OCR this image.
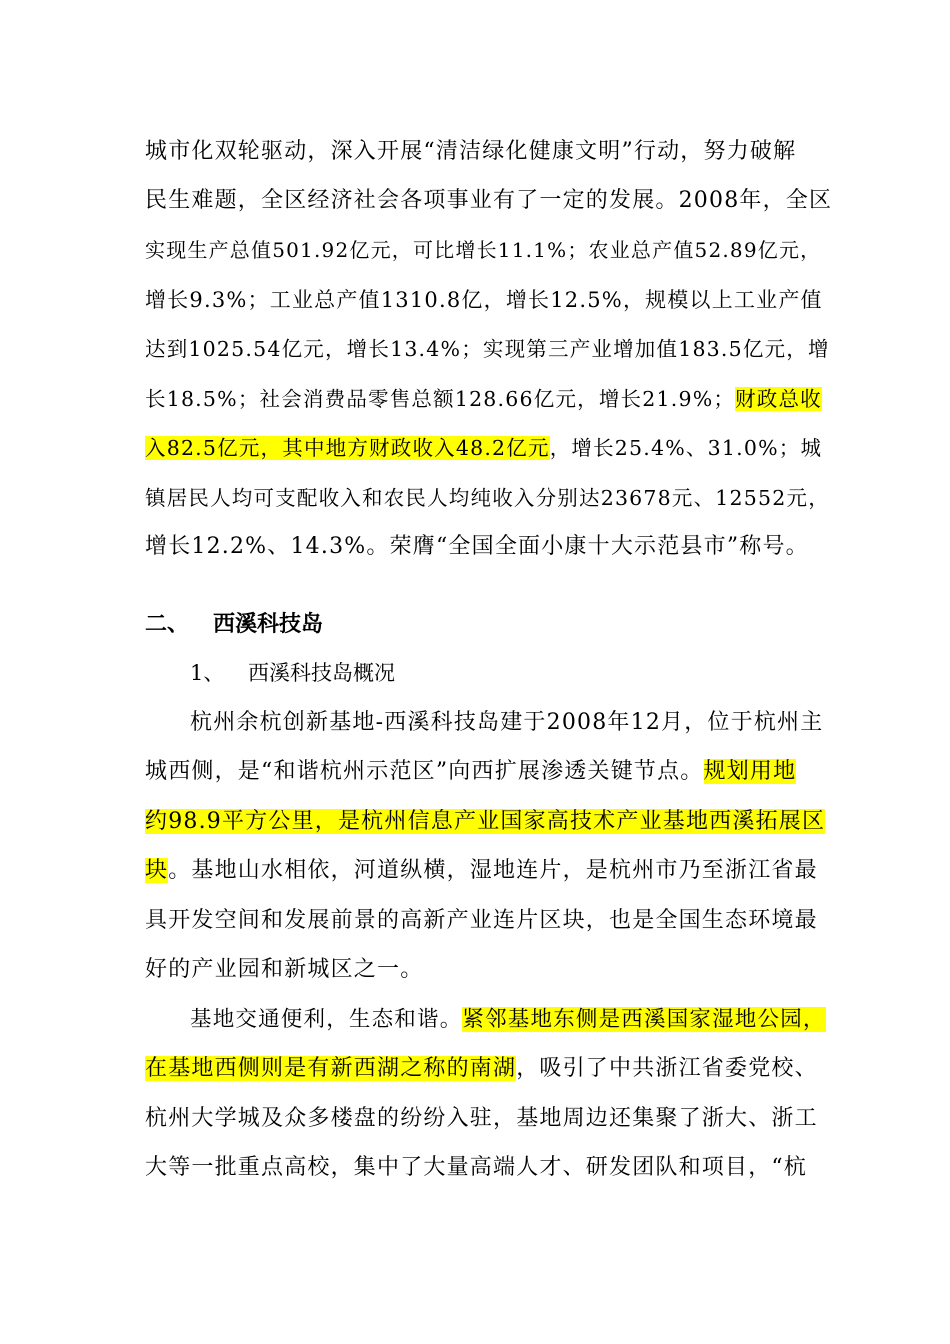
城市化双轮驱动，深入开展“清洁绿化健康文明”行动，努力破解
民生难题，全区经济社会各项事业有了一定的发展。2008年，全区
实现生产总值501.92亿元，可比增长11.1%；农业总产值52.89亿元，
增长9.3%；工业总产值1310.8亿，增长12.5%，规模以上工业产值
达到1025.54亿元，增长13.4%；实现第三产业增加值183.5亿元，增
长18.5%；社会消费品零售总额128.66亿元，增长21.9%；财政总收
入82.5亿元，其中地方财政收入48.2亿元，增长25.4%、31.0%；城
镇居民人均可支配收入和农民人均纯收入分别达23678元、12552元，
增长12.2%、14.3%。荣膺“全国全面小康十大示范县市”称号。
二、 西溪科技岛
1、 西溪科技岛概况
杭州余杭创新基地-西溪科技岛建于2008年12月，位于杭州主
城西侧，是“和谐杭州示范区”向西扩展渗透关键节点。规划用地
约98.9平方公里，是杭州信息产业国家高技术产业基地西溪拓展区
块。基地山水相依，河道纵横，湿地连片，是杭州市乃至浙江省最
具开发空间和发展前景的高新产业连片区块，也是全国生态环境最
好的产业园和新城区之一。
基地交通便利，生态和谐。紧邻基地东侧是西溪国家湿地公园，
在基地西侧则是有新西湖之称的南湖，吸引了中共浙江省委党校、
杭州大学城及众多楼盘的纷纷入驻，基地周边还集聚了浙大、浙工
大等一批重点高校，集中了大量高端人才、研发团队和项目，“杭
